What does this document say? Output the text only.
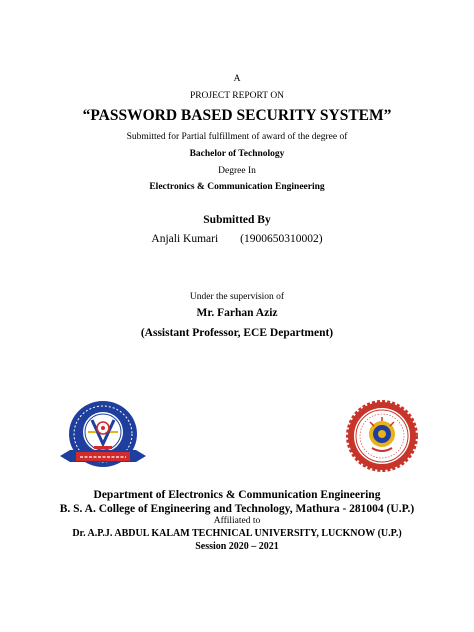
A
PROJECT REPORT ON
“PASSWORD BASED SECURITY SYSTEM”
Submitted for Partial fulfillment of award of the degree of
Bachelor of Technology
Degree In
Electronics & Communication Engineering
Submitted By
Anjali Kumari (1900650310002)
Under the supervision of
Mr. Farhan Aziz
(Assistant Professor, ECE Department)
Department of Electronics & Communication Engineering
B. S. A. College of Engineering and Technology, Mathura - 281004 (U.P.)
Affiliated to
Dr. A.P.J. ABDUL KALAM TECHNICAL UNIVERSITY, LUCKNOW (U.P.)
Session 2020 – 2021
